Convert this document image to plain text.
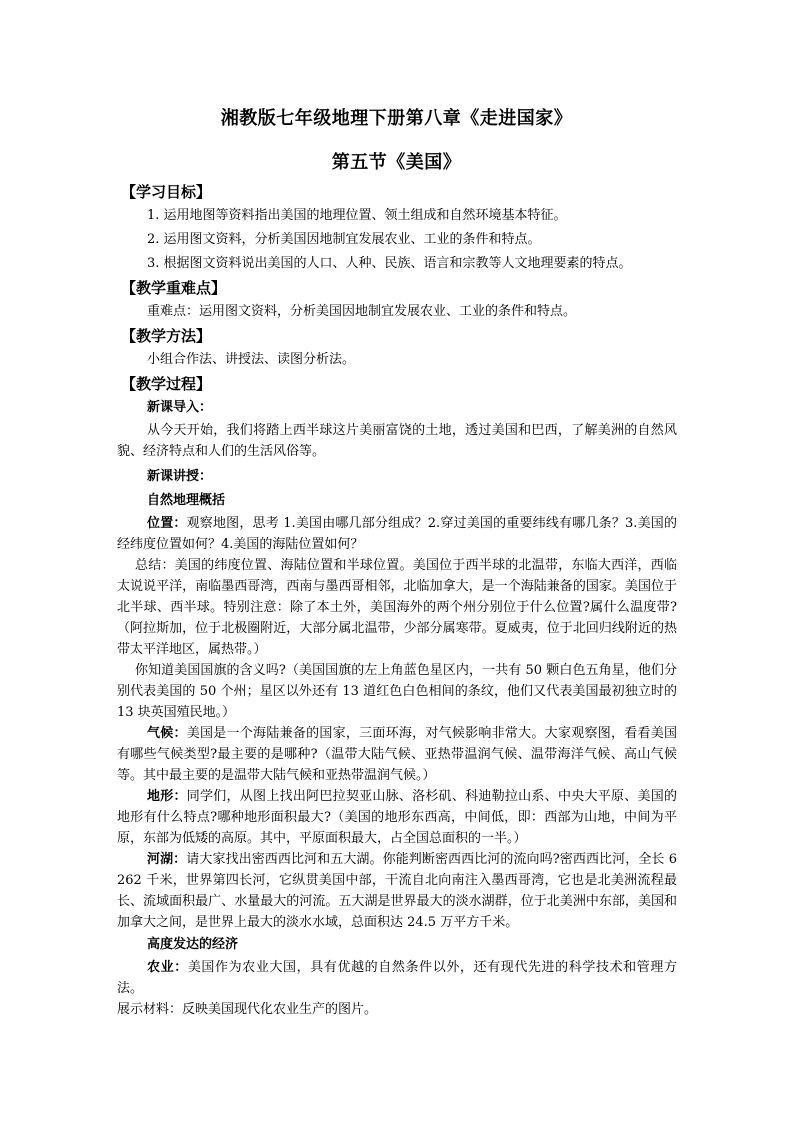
湘教版七年级地理下册第八章《走进国家》
第五节《美国》
【学习目标】
1. 运用地图等资料指出美国的地理位置、领土组成和自然环境基本特征。
2. 运用图文资料，分析美国因地制宜发展农业、工业的条件和特点。
3. 根据图文资料说出美国的人口、人种、民族、语言和宗教等人文地理要素的特点。
【教学重难点】
重难点：运用图文资料，分析美国因地制宜发展农业、工业的条件和特点。
【教学方法】
小组合作法、讲授法、读图分析法。
【教学过程】
新课导入：
从今天开始，我们将踏上西半球这片美丽富饶的土地，透过美国和巴西，了解美洲的自然风貌、经济特点和人们的生活风俗等。
新课讲授：
自然地理概括
位置：观察地图，思考 1.美国由哪几部分组成？2.穿过美国的重要纬线有哪几条？3.美国的经纬度位置如何？4.美国的海陆位置如何？
总结：美国的纬度位置、海陆位置和半球位置。美国位于西半球的北温带，东临大西洋，西临太说说平洋，南临墨西哥湾，西南与墨西哥相邻，北临加拿大，是一个海陆兼备的国家。美国位于北半球、西半球。特别注意：除了本土外，美国海外的两个州分别位于什么位置?属什么温度带?（阿拉斯加，位于北极圈附近，大部分属北温带，少部分属寒带。夏威夷，位于北回归线附近的热带太平洋地区，属热带。）
你知道美国国旗的含义吗?（美国国旗的左上角蓝色星区内，一共有 50 颗白色五角星，他们分别代表美国的 50 个州；星区以外还有 13 道红色白色相间的条纹，他们又代表美国最初独立时的 13 块英国殖民地。）
气候：美国是一个海陆兼备的国家，三面环海，对气候影响非常大。大家观察图，看看美国有哪些气候类型?最主要的是哪种?（温带大陆气候、亚热带温润气候、温带海洋气候、高山气候等。其中最主要的是温带大陆气候和亚热带温润气候。）
地形：同学们，从图上找出阿巴拉契亚山脉、洛杉矶、科迪勒拉山系、中央大平原、美国的地形有什么特点?哪种地形面积最大?（美国的地形东西高，中间低，即：西部为山地，中间为平原，东部为低矮的高原。其中，平原面积最大，占全国总面积的一半。）
河湖：请大家找出密西西比河和五大湖。你能判断密西西比河的流向吗?密西西比河，全长 6 262 千米，世界第四长河，它纵贯美国中部，干流自北向南注入墨西哥湾，它也是北美洲流程最长、流域面积最广、水量最大的河流。五大湖是世界最大的淡水湖群，位于北美洲中东部，美国和加拿大之间，是世界上最大的淡水水域，总面积达 24.5 万平方千米。
高度发达的经济
农业：美国作为农业大国，具有优越的自然条件以外，还有现代先进的科学技术和管理方法。
展示材料：反映美国现代化农业生产的图片。
